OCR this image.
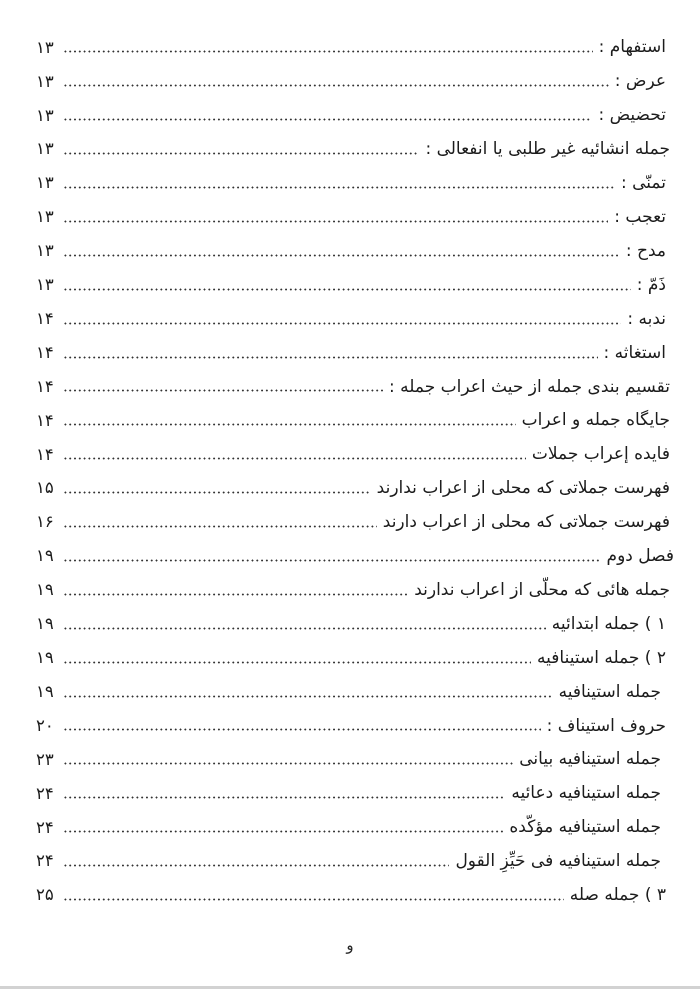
استفهام :
۱۳
عرض :
۱۳
تحضيض :
۱۳
جمله انشائيه غير طلبى يا انفعالى :
۱۳
تمنّى :
۱۳
تعجب :
۱۳
مدح :
۱۳
ذَمّ :
۱۳
ندبه :
۱۴
استغاثه :
۱۴
تقسيم بندى جمله از حيث اعراب جمله :
۱۴
جايگاه جمله و اعراب
۱۴
فايده إعراب جملات
۱۴
فهرست جملاتى كه محلى از اعراب ندارند
۱۵
فهرست جملاتى كه محلى از اعراب دارند
۱۶
فصل دوم
۱۹
جمله هائى كه محلّى از اعراب ندارند
۱۹
۱ ) جمله ابتدائيه
۱۹
۲ ) جمله استينافيه
۱۹
جمله استينافيه
۱۹
حروف استيناف :
۲۰
جمله استينافيه بيانى
۲۳
جمله استينافيه دعائيه
۲۴
جمله استينافيه مؤكّده
۲۴
جمله استينافيه فى حَيِّزِ القول
۲۴
۳ ) جمله صله
۲۵
و
